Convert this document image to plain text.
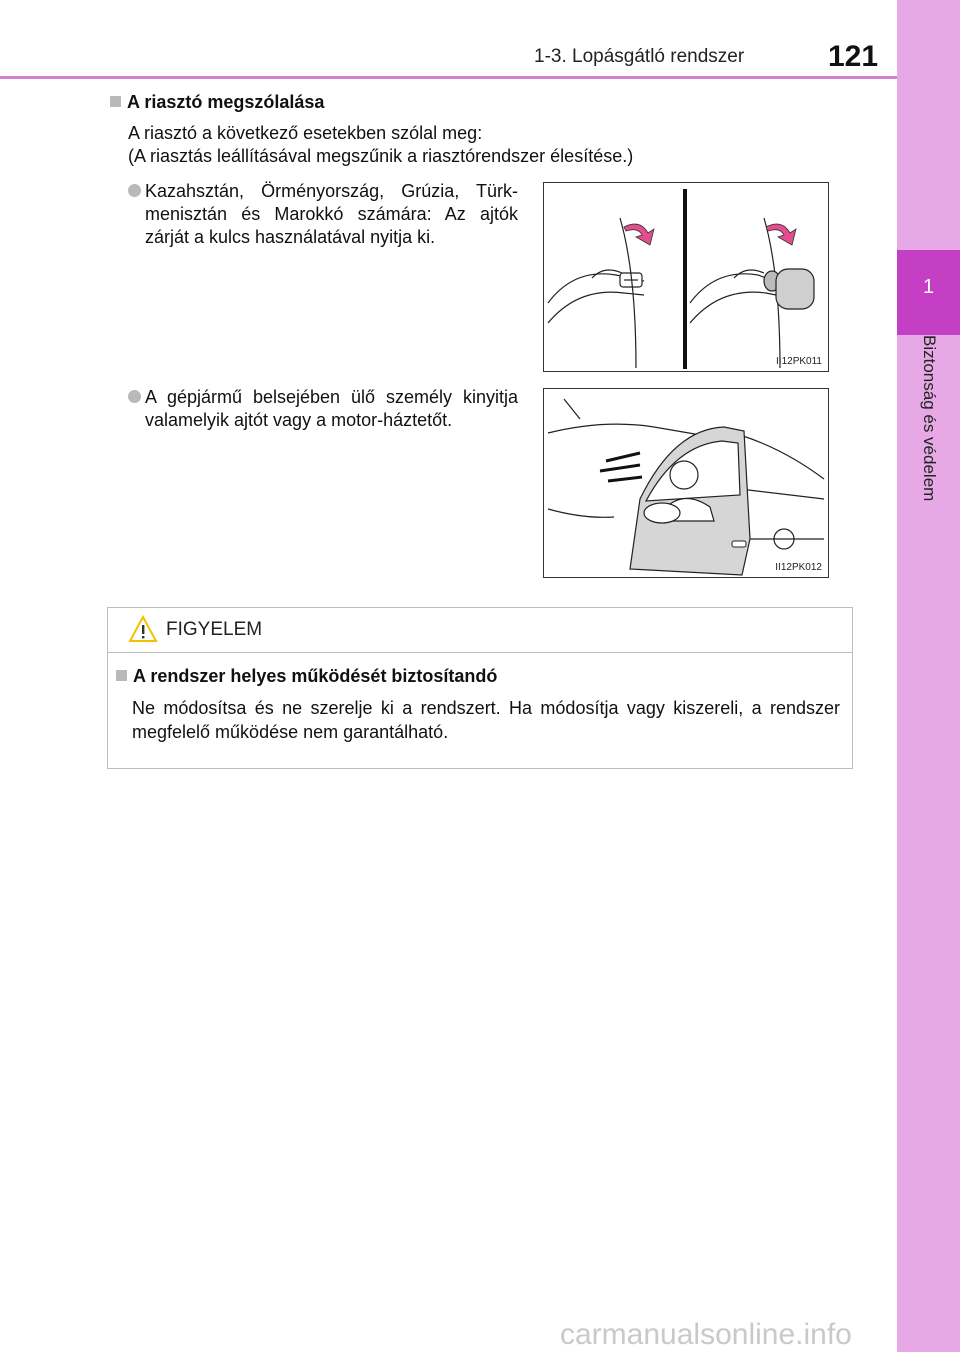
1-3. Lopásgátló rendszer	121
1
Biztonság és védelem
A riasztó megszólalása
A riasztó a következő esetekben szólal meg:
(A riasztás leállításával megszűnik a riasztórendszer élesítése.)
Kazahsztán, Örményország, Grúzia, Türk-menisztán és Marokkó számára: Az ajtók zárját a kulcs használatával nyitja ki.
II12PK011
A gépjármű belsejében ülő személy kinyitja valamelyik ajtót vagy a motor-háztetőt.
II12PK012
FIGYELEM
A rendszer helyes működését biztosítandó
Ne módosítsa és ne szerelje ki a rendszert. Ha módosítja vagy kiszereli, a rendszer megfelelő működése nem garantálható.
carmanualsonline.info
